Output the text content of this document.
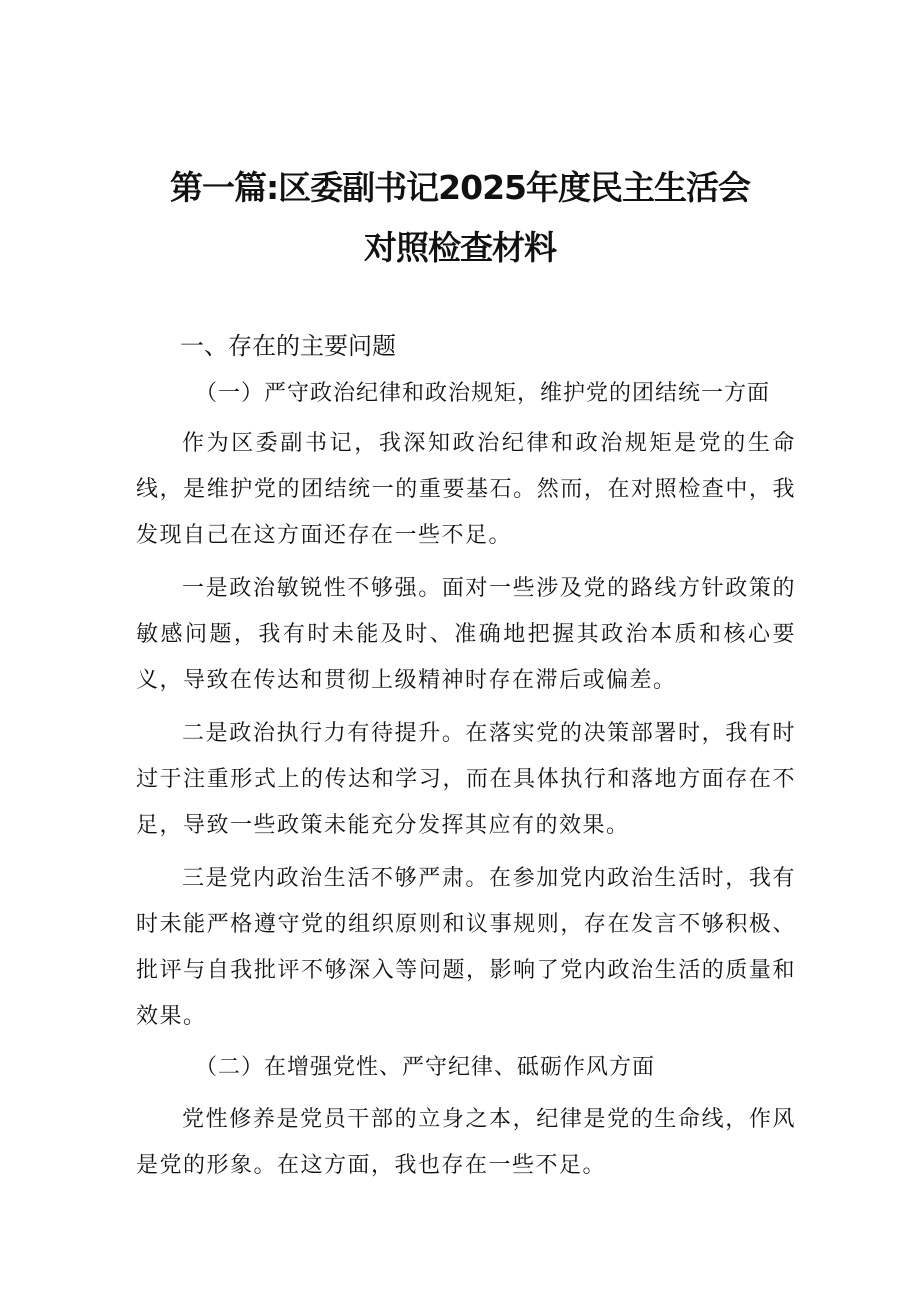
第一篇:区委副书记2025年度民主生活会
对照检查材料
一、存在的主要问题
（一）严守政治纪律和政治规矩，维护党的团结统一方面

作为区委副书记，我深知政治纪律和政治规矩是党的生命线，是维护党的团结统一的重要基石。然而，在对照检查中，我发现自己在这方面还存在一些不足。

一是政治敏锐性不够强。面对一些涉及党的路线方针政策的敏感问题，我有时未能及时、准确地把握其政治本质和核心要义，导致在传达和贯彻上级精神时存在滞后或偏差。

二是政治执行力有待提升。在落实党的决策部署时，我有时过于注重形式上的传达和学习，而在具体执行和落地方面存在不足，导致一些政策未能充分发挥其应有的效果。

三是党内政治生活不够严肃。在参加党内政治生活时，我有时未能严格遵守党的组织原则和议事规则，存在发言不够积极、批评与自我批评不够深入等问题，影响了党内政治生活的质量和效果。

（二）在增强党性、严守纪律、砥砺作风方面

党性修养是党员干部的立身之本，纪律是党的生命线，作风是党的形象。在这方面，我也存在一些不足。
